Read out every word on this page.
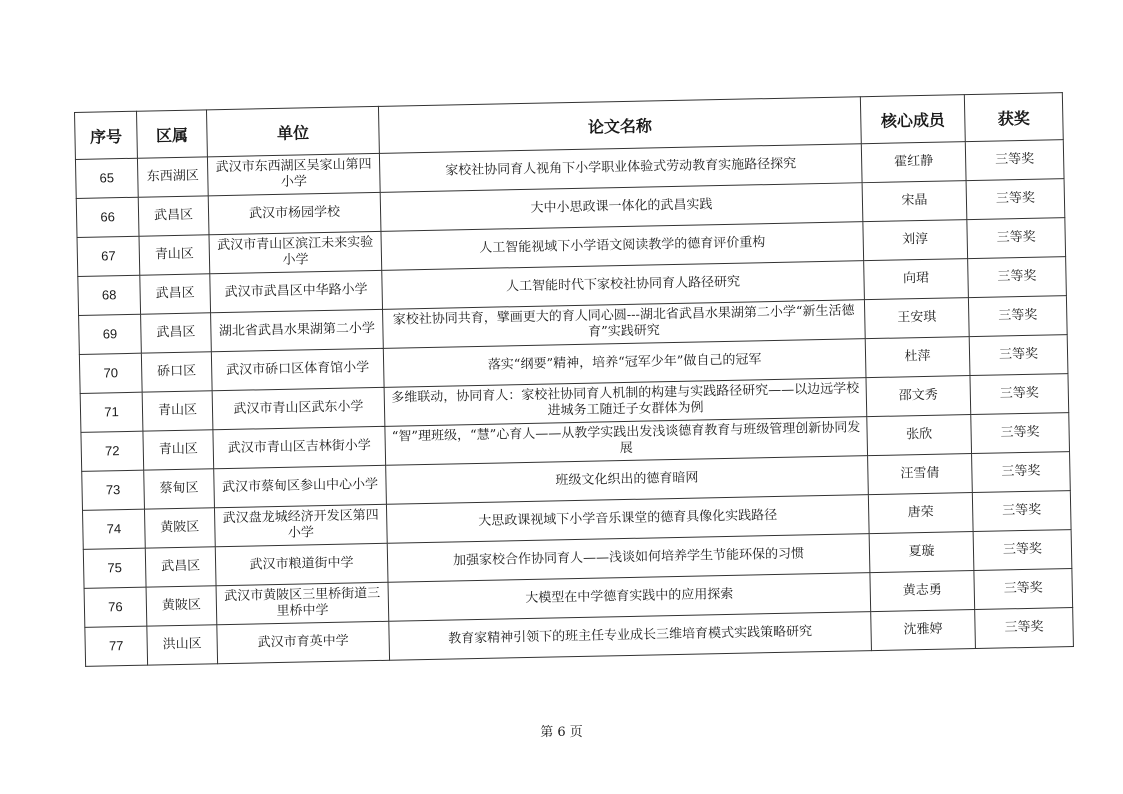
序号	区属	单位	论文名称	核心成员	获奖
65	东西湖区	武汉市东西湖区吴家山第四小学	家校社协同育人视角下小学职业体验式劳动教育实施路径探究	霍红静	三等奖
66	武昌区	武汉市杨园学校	大中小思政课一体化的武昌实践	宋晶	三等奖
67	青山区	武汉市青山区滨江未来实验小学	人工智能视域下小学语文阅读教学的德育评价重构	刘淳	三等奖
68	武昌区	武汉市武昌区中华路小学	人工智能时代下家校社协同育人路径研究	向珺	三等奖
69	武昌区	湖北省武昌水果湖第二小学	家校社协同共育，擘画更大的育人同心圆---湖北省武昌水果湖第二小学“新生活德育”实践研究	王安琪	三等奖
70	硚口区	武汉市硚口区体育馆小学	落实“纲要”精神，培养“冠军少年”做自己的冠军	杜萍	三等奖
71	青山区	武汉市青山区武东小学	多维联动，协同育人：家校社协同育人机制的构建与实践路径研究——以边远学校进城务工随迁子女群体为例	邵文秀	三等奖
72	青山区	武汉市青山区吉林街小学	“智”理班级，“慧”心育人——从教学实践出发浅谈德育教育与班级管理创新协同发展	张欣	三等奖
73	蔡甸区	武汉市蔡甸区参山中心小学	班级文化织出的德育暗网	汪雪倩	三等奖
74	黄陂区	武汉盘龙城经济开发区第四小学	大思政课视域下小学音乐课堂的德育具像化实践路径	唐荣	三等奖
75	武昌区	武汉市粮道街中学	加强家校合作协同育人——浅谈如何培养学生节能环保的习惯	夏璇	三等奖
76	黄陂区	武汉市黄陂区三里桥街道三里桥中学	大模型在中学德育实践中的应用探索	黄志勇	三等奖
77	洪山区	武汉市育英中学	教育家精神引领下的班主任专业成长三维培育模式实践策略研究	沈雅婷	三等奖
第 6 页
